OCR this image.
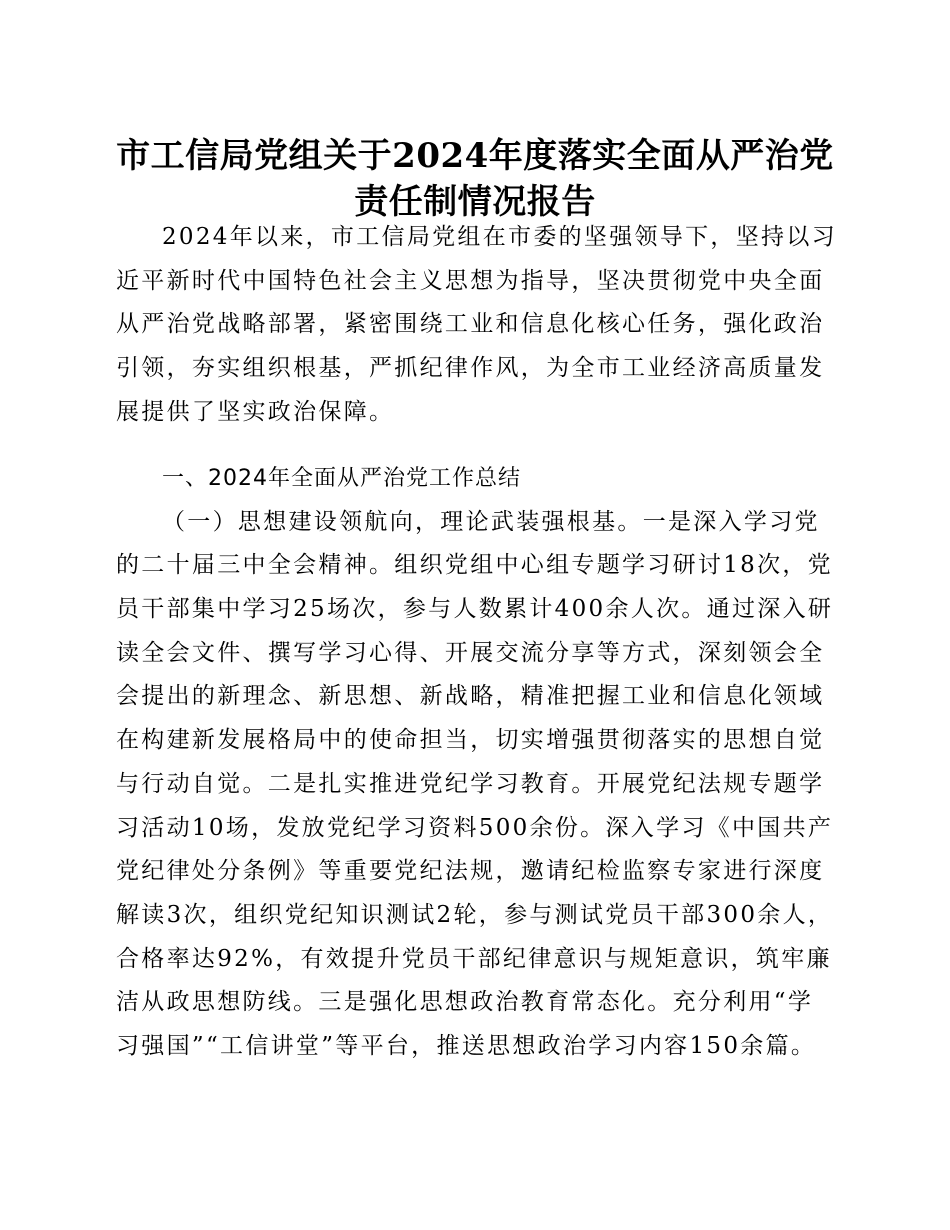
市工信局党组关于2024年度落实全面从严治党
责任制情况报告
2024年以来，市工信局党组在市委的坚强领导下，坚持以习
近平新时代中国特色社会主义思想为指导，坚决贯彻党中央全面
从严治党战略部署，紧密围绕工业和信息化核心任务，强化政治
引领，夯实组织根基，严抓纪律作风，为全市工业经济高质量发
展提供了坚实政治保障。
一、2024年全面从严治党工作总结
（一）思想建设领航向，理论武装强根基。一是深入学习党
的二十届三中全会精神。组织党组中心组专题学习研讨18次，党
员干部集中学习25场次，参与人数累计400余人次。通过深入研
读全会文件、撰写学习心得、开展交流分享等方式，深刻领会全
会提出的新理念、新思想、新战略，精准把握工业和信息化领域
在构建新发展格局中的使命担当，切实增强贯彻落实的思想自觉
与行动自觉。二是扎实推进党纪学习教育。开展党纪法规专题学
习活动10场，发放党纪学习资料500余份。深入学习《中国共产
党纪律处分条例》等重要党纪法规，邀请纪检监察专家进行深度
解读3次，组织党纪知识测试2轮，参与测试党员干部300余人，
合格率达92%，有效提升党员干部纪律意识与规矩意识，筑牢廉
洁从政思想防线。三是强化思想政治教育常态化。充分利用“学
习强国”“工信讲堂”等平台，推送思想政治学习内容150余篇。
